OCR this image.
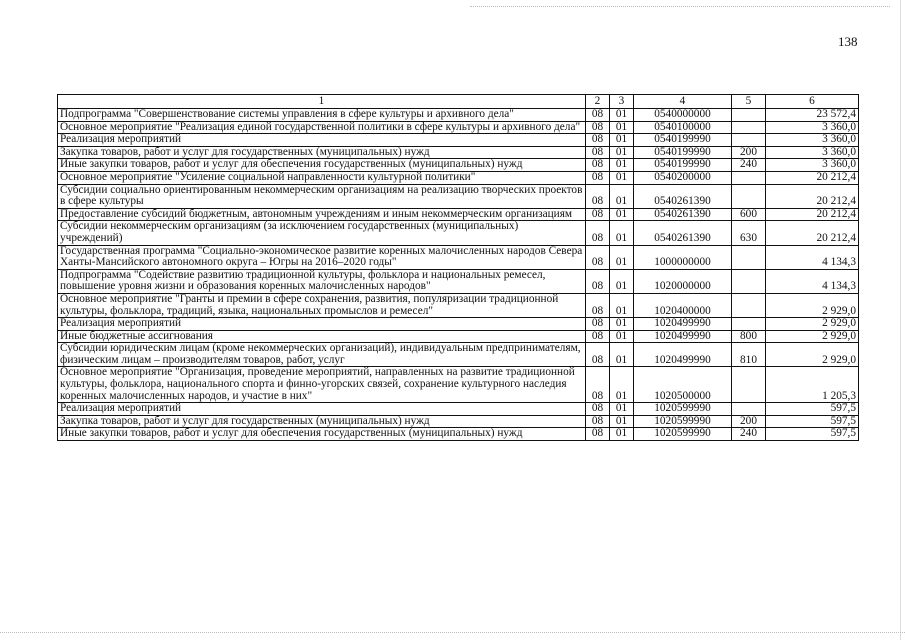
138
1	2	3	4	5	6
Подпрограмма "Совершенствование системы управления в сфере культуры и архивного дела"	08	01	0540000000		23 572,4
Основное мероприятие "Реализация единой государственной политики в сфере культуры и архивного дела"	08	01	0540100000		3 360,0
Реализация мероприятий	08	01	0540199990		3 360,0
Закупка товаров, работ и услуг для государственных (муниципальных) нужд	08	01	0540199990	200	3 360,0
Иные закупки товаров, работ и услуг для обеспечения государственных (муниципальных) нужд	08	01	0540199990	240	3 360,0
Основное мероприятие "Усиление социальной направленности культурной политики"	08	01	0540200000		20 212,4
Субсидии социально ориентированным некоммерческим организациям на реализацию творческих проектов в сфере культуры	08	01	0540261390		20 212,4
Предоставление субсидий бюджетным, автономным учреждениям и иным некоммерческим организациям	08	01	0540261390	600	20 212,4
Субсидии некоммерческим организациям (за исключением государственных (муниципальных) учреждений)	08	01	0540261390	630	20 212,4
Государственная программа "Социально-экономическое развитие коренных малочисленных народов Севера Ханты-Мансийского автономного округа – Югры на 2016–2020 годы"	08	01	1000000000		4 134,3
Подпрограмма "Содействие развитию традиционной культуры, фольклора и национальных ремесел, повышение уровня жизни и образования коренных малочисленных народов"	08	01	1020000000		4 134,3
Основное мероприятие "Гранты и премии в сфере сохранения, развития, популяризации традиционной культуры, фольклора, традиций, языка, национальных промыслов и ремесел"	08	01	1020400000		2 929,0
Реализация мероприятий	08	01	1020499990		2 929,0
Иные бюджетные ассигнования	08	01	1020499990	800	2 929,0
Субсидии юридическим лицам (кроме некоммерческих организаций), индивидуальным предпринимателям, физическим лицам – производителям товаров, работ, услуг	08	01	1020499990	810	2 929,0
Основное мероприятие "Организация, проведение мероприятий, направленных на развитие традиционной культуры, фольклора, национального спорта и финно-угорских связей, сохранение культурного наследия коренных малочисленных народов, и участие в них"	08	01	1020500000		1 205,3
Реализация мероприятий	08	01	1020599990		597,5
Закупка товаров, работ и услуг для государственных (муниципальных) нужд	08	01	1020599990	200	597,5
Иные закупки товаров, работ и услуг для обеспечения государственных (муниципальных) нужд	08	01	1020599990	240	597,5
